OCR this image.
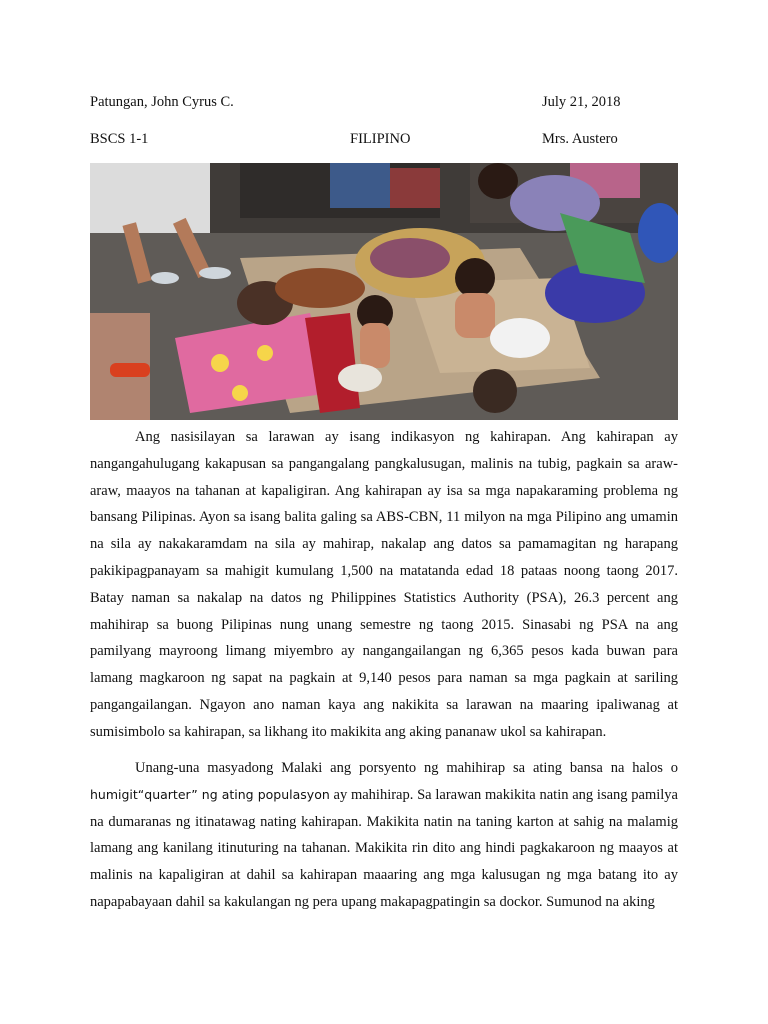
Patungan, John Cyrus C.	July 21, 2018
BSCS 1-1	FILIPINO	Mrs. Austero

Ang nasisilayan sa larawan ay isang indikasyon ng kahirapan. Ang kahirapan ay nangangahulugang kakapusan sa pangangalang pangkalusugan, malinis na tubig, pagkain sa araw-araw, maayos na tahanan at kapaligiran. Ang kahirapan ay isa sa mga napakaraming problema ng bansang Pilipinas. Ayon sa isang balita galing sa ABS-CBN, 11 milyon na mga Pilipino ang umamin na sila ay nakakaramdam na sila ay mahirap, nakalap ang datos sa pamamagitan ng harapang pakikipagpanayam sa mahigit kumulang 1,500 na matatanda edad 18 pataas noong taong 2017. Batay naman sa nakalap na datos ng Philippines Statistics Authority (PSA), 26.3 percent ang mahihirap sa buong Pilipinas nung unang semestre ng taong 2015. Sinasabi ng PSA na ang pamilyang mayroong limang miyembro ay nangangailangan ng 6,365 pesos kada buwan para lamang magkaroon ng sapat na pagkain at 9,140 pesos para naman sa mga pagkain at sariling pangangailangan. Ngayon ano naman kaya ang nakikita sa larawan na maaring ipaliwanag at sumisimbolo sa kahirapan, sa likhang ito makikita ang aking pananaw ukol sa kahirapan.

Unang-una masyadong Malaki ang porsyento ng mahihirap sa ating bansa na halos o humigit“quarter” ng ating populasyon ay mahihirap. Sa larawan makikita natin ang isang pamilya na dumaranas ng itinatawag nating kahirapan. Makikita natin na taning karton at sahig na malamig lamang ang kanilang itinuturing na tahanan. Makikita rin dito ang hindi pagkakaroon ng maayos at malinis na kapaligiran at dahil sa kahirapan maaaring ang mga kalusugan ng mga batang ito ay napapabayaan dahil sa kakulangan ng pera upang makapagpatingin sa dockor. Sumunod na aking
